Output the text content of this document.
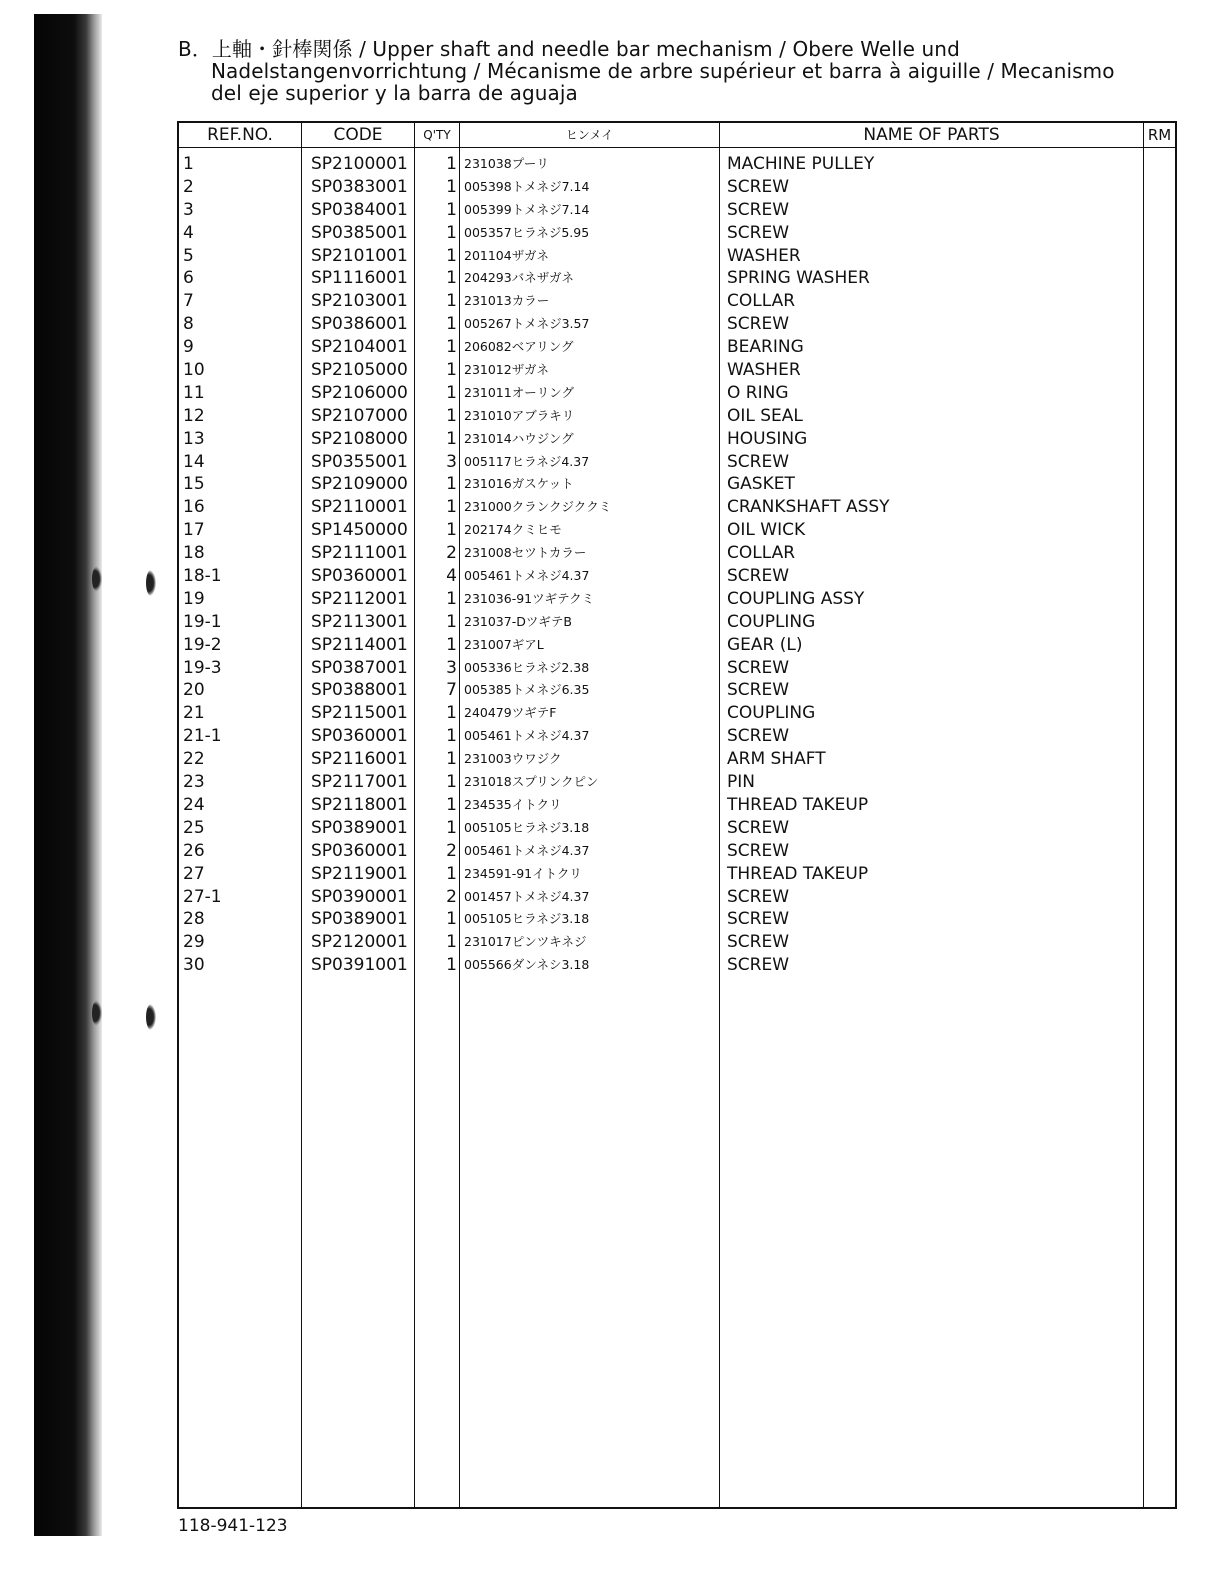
B．上軸・針棒関係 / Upper shaft and needle bar mechanism / Obere Welle und
Nadelstangenvorrichtung / Mécanisme de arbre supérieur et barra à aiguille / Mecanismo
del eje superior y la barra de aguaja
REF.NO.	CODE	Q'TY	ヒンメイ	NAME OF PARTS	RM
1	SP2100001	1 231038プーリ	MACHINE PULLEY
2	SP0383001	1 005398トメネジ7.14	SCREW
3	SP0384001	1 005399トメネジ7.14	SCREW
4	SP0385001	1 005357ヒラネジ5.95	SCREW
5	SP2101001	1 201104ザガネ	WASHER
6	SP1116001	1 204293バネザガネ	SPRING WASHER
7	SP2103001	1 231013カラー	COLLAR
8	SP0386001	1 005267トメネジ3.57	SCREW
9	SP2104001	1 206082ベアリング	BEARING
10	SP2105000	1 231012ザガネ	WASHER
11	SP2106000	1 231011オーリング	O RING
12	SP2107000	1 231010アブラキリ	OIL SEAL
13	SP2108000	1 231014ハウジング	HOUSING
14	SP0355001	3 005117ヒラネジ4.37	SCREW
15	SP2109000	1 231016ガスケット	GASKET
16	SP2110001	1 231000クランクジククミ	CRANKSHAFT ASSY
17	SP1450000	1 202174クミヒモ	OIL WICK
18	SP2111001	2 231008セツトカラー	COLLAR
18-1	SP0360001	4 005461トメネジ4.37	SCREW
19	SP2112001	1 231036-91ツギテクミ	COUPLING ASSY
19-1	SP2113001	1 231037-DツギテB	COUPLING
19-2	SP2114001	1 231007ギアL	GEAR (L)
19-3	SP0387001	3 005336ヒラネジ2.38	SCREW
20	SP0388001	7 005385トメネジ6.35	SCREW
21	SP2115001	1 240479ツギテF	COUPLING
21-1	SP0360001	1 005461トメネジ4.37	SCREW
22	SP2116001	1 231003ウワジク	ARM SHAFT
23	SP2117001	1 231018スプリンクピン	PIN
24	SP2118001	1 234535イトクリ	THREAD TAKEUP
25	SP0389001	1 005105ヒラネジ3.18	SCREW
26	SP0360001	2 005461トメネジ4.37	SCREW
27	SP2119001	1 234591-91イトクリ	THREAD TAKEUP
27-1	SP0390001	2 001457トメネジ4.37	SCREW
28	SP0389001	1 005105ヒラネジ3.18	SCREW
29	SP2120001	1 231017ピンツキネジ	SCREW
30	SP0391001	1 005566ダンネシ3.18	SCREW
118-941-123
